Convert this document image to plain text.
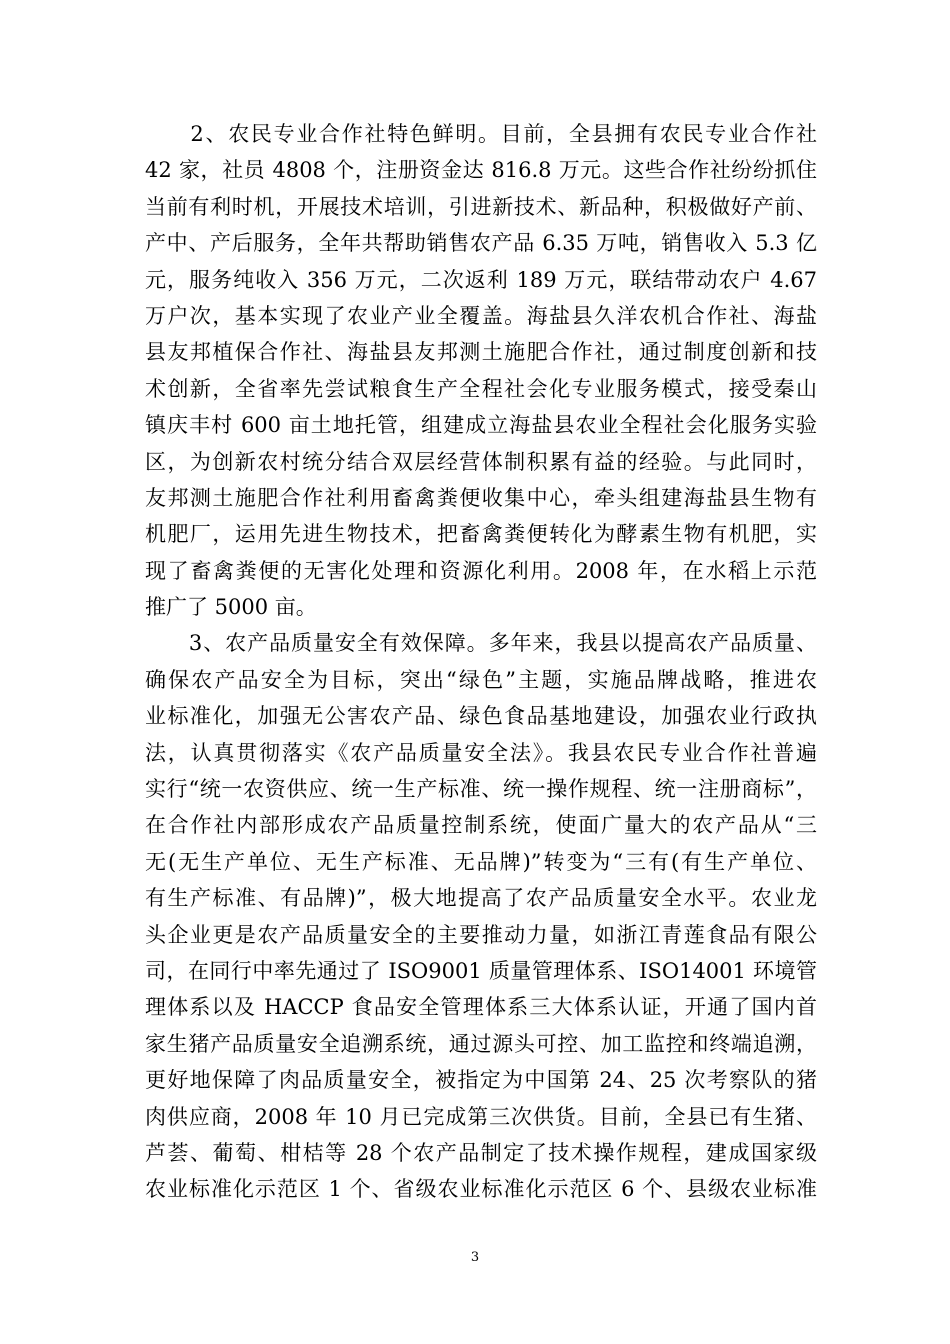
　　2、农民专业合作社特色鲜明。目前，全县拥有农民专业合作社
42 家，社员 4808 个，注册资金达 816.8 万元。这些合作社纷纷抓住
当前有利时机，开展技术培训，引进新技术、新品种，积极做好产前、
产中、产后服务，全年共帮助销售农产品 6.35 万吨，销售收入 5.3 亿
元，服务纯收入 356 万元，二次返利 189 万元，联结带动农户 4.67
万户次，基本实现了农业产业全覆盖。海盐县久洋农机合作社、海盐
县友邦植保合作社、海盐县友邦测土施肥合作社，通过制度创新和技
术创新，全省率先尝试粮食生产全程社会化专业服务模式，接受秦山
镇庆丰村 600 亩土地托管，组建成立海盐县农业全程社会化服务实验
区，为创新农村统分结合双层经营体制积累有益的经验。与此同时，
友邦测土施肥合作社利用畜禽粪便收集中心，牵头组建海盐县生物有
机肥厂，运用先进生物技术，把畜禽粪便转化为酵素生物有机肥，实
现了畜禽粪便的无害化处理和资源化利用。2008 年，在水稻上示范
推广了 5000 亩。
　　3、农产品质量安全有效保障。多年来，我县以提高农产品质量、
确保农产品安全为目标，突出“绿色”主题，实施品牌战略，推进农
业标准化，加强无公害农产品、绿色食品基地建设，加强农业行政执
法，认真贯彻落实《农产品质量安全法》。我县农民专业合作社普遍
实行“统一农资供应、统一生产标准、统一操作规程、统一注册商标”，
在合作社内部形成农产品质量控制系统，使面广量大的农产品从“三
无(无生产单位、无生产标准、无品牌)”转变为“三有(有生产单位、
有生产标准、有品牌)”，极大地提高了农产品质量安全水平。农业龙
头企业更是农产品质量安全的主要推动力量，如浙江青莲食品有限公
司，在同行中率先通过了 ISO9001 质量管理体系、ISO14001 环境管
理体系以及 HACCP 食品安全管理体系三大体系认证，开通了国内首
家生猪产品质量安全追溯系统，通过源头可控、加工监控和终端追溯，
更好地保障了肉品质量安全，被指定为中国第 24、25 次考察队的猪
肉供应商，2008 年 10 月已完成第三次供货。目前，全县已有生猪、
芦荟、葡萄、柑桔等 28 个农产品制定了技术操作规程，建成国家级
农业标准化示范区 1 个、省级农业标准化示范区 6 个、县级农业标准
3
